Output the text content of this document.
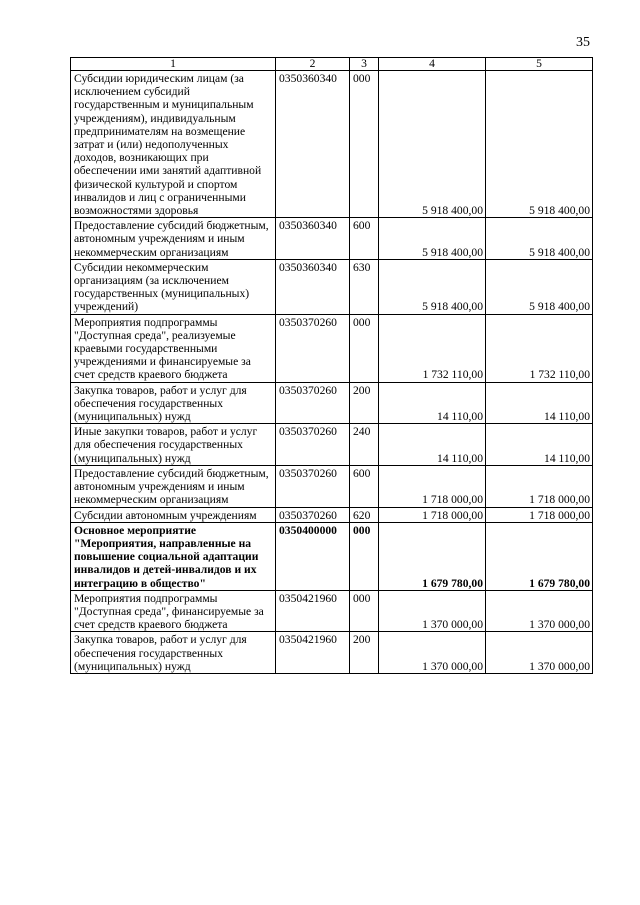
35
1	2	3	4	5
Субсидии юридическим лицам (за исключением субсидий государственным и муниципальным учреждениям), индивидуальным предпринимателям на возмещение затрат и (или) недополученных доходов, возникающих при обеспечении ими занятий адаптивной физической культурой и спортом инвалидов и лиц с ограниченными возможностями здоровья	0350360340	000	5 918 400,00	5 918 400,00
Предоставление субсидий бюджетным, автономным учреждениям и иным некоммерческим организациям	0350360340	600	5 918 400,00	5 918 400,00
Субсидии некоммерческим организациям (за исключением государственных (муниципальных) учреждений)	0350360340	630	5 918 400,00	5 918 400,00
Мероприятия подпрограммы "Доступная среда", реализуемые краевыми государственными учреждениями и финансируемые за счет средств краевого бюджета	0350370260	000	1 732 110,00	1 732 110,00
Закупка товаров, работ и услуг для обеспечения государственных (муниципальных) нужд	0350370260	200	14 110,00	14 110,00
Иные закупки товаров, работ и услуг для обеспечения государственных (муниципальных) нужд	0350370260	240	14 110,00	14 110,00
Предоставление субсидий бюджетным, автономным учреждениям и иным некоммерческим организациям	0350370260	600	1 718 000,00	1 718 000,00
Субсидии автономным учреждениям	0350370260	620	1 718 000,00	1 718 000,00
Основное мероприятие "Мероприятия, направленные на повышение социальной адаптации инвалидов и детей-инвалидов и их интеграцию в общество"	0350400000	000	1 679 780,00	1 679 780,00
Мероприятия подпрограммы "Доступная среда", финансируемые за счет средств краевого бюджета	0350421960	000	1 370 000,00	1 370 000,00
Закупка товаров, работ и услуг для обеспечения государственных (муниципальных) нужд	0350421960	200	1 370 000,00	1 370 000,00
